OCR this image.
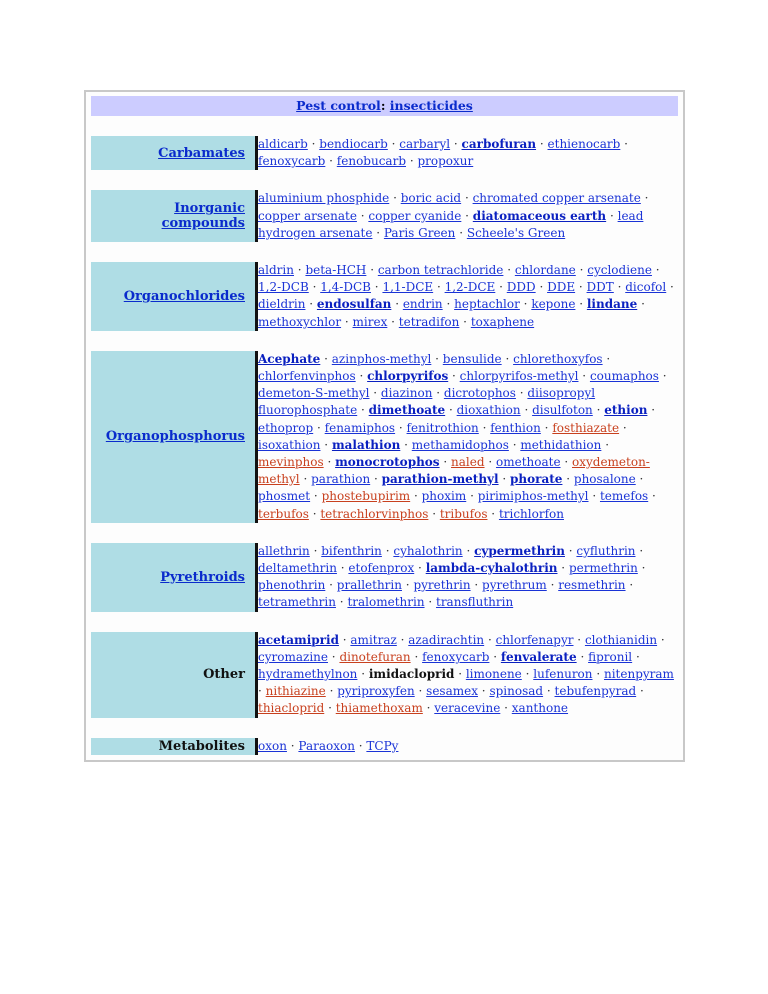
Pest control: insecticides
Carbamates
aldicarb · bendiocarb · carbaryl · carbofuran · ethienocarb · fenoxycarb · fenobucarb · propoxur
Inorganic compounds
aluminium phosphide · boric acid · chromated copper arsenate · copper arsenate · copper cyanide · diatomaceous earth · lead hydrogen arsenate · Paris Green · Scheele's Green
Organochlorides
aldrin · beta-HCH · carbon tetrachloride · chlordane · cyclodiene · 1,2-DCB · 1,4-DCB · 1,1-DCE · 1,2-DCE · DDD · DDE · DDT · dicofol · dieldrin · endosulfan · endrin · heptachlor · kepone · lindane · methoxychlor · mirex · tetradifon · toxaphene
Organophosphorus
Acephate · azinphos-methyl · bensulide · chlorethoxyfos · chlorfenvinphos · chlorpyrifos · chlorpyrifos-methyl · coumaphos · demeton-S-methyl · diazinon · dicrotophos · diisopropyl fluorophosphate · dimethoate · dioxathion · disulfoton · ethion · ethoprop · fenamiphos · fenitrothion · fenthion · fosthiazate · isoxathion · malathion · methamidophos · methidathion · mevinphos · monocrotophos · naled · omethoate · oxydemeton-methyl · parathion · parathion-methyl · phorate · phosalone · phosmet · phostebupirim · phoxim · pirimiphos-methyl · temefos · terbufos · tetrachlorvinphos · tribufos · trichlorfon
Pyrethroids
allethrin · bifenthrin · cyhalothrin · cypermethrin · cyfluthrin · deltamethrin · etofenprox · lambda-cyhalothrin · permethrin · phenothrin · prallethrin · pyrethrin · pyrethrum · resmethrin · tetramethrin · tralomethrin · transfluthrin
Other
acetamiprid · amitraz · azadirachtin · chlorfenapyr · clothianidin · cyromazine · dinotefuran · fenoxycarb · fenvalerate · fipronil · hydramethylnon · imidacloprid · limonene · lufenuron · nitenpyram · nithiazine · pyriproxyfen · sesamex · spinosad · tebufenpyrad · thiacloprid · thiamethoxam · veracevine · xanthone
Metabolites oxon · Paraoxon · TCPy
